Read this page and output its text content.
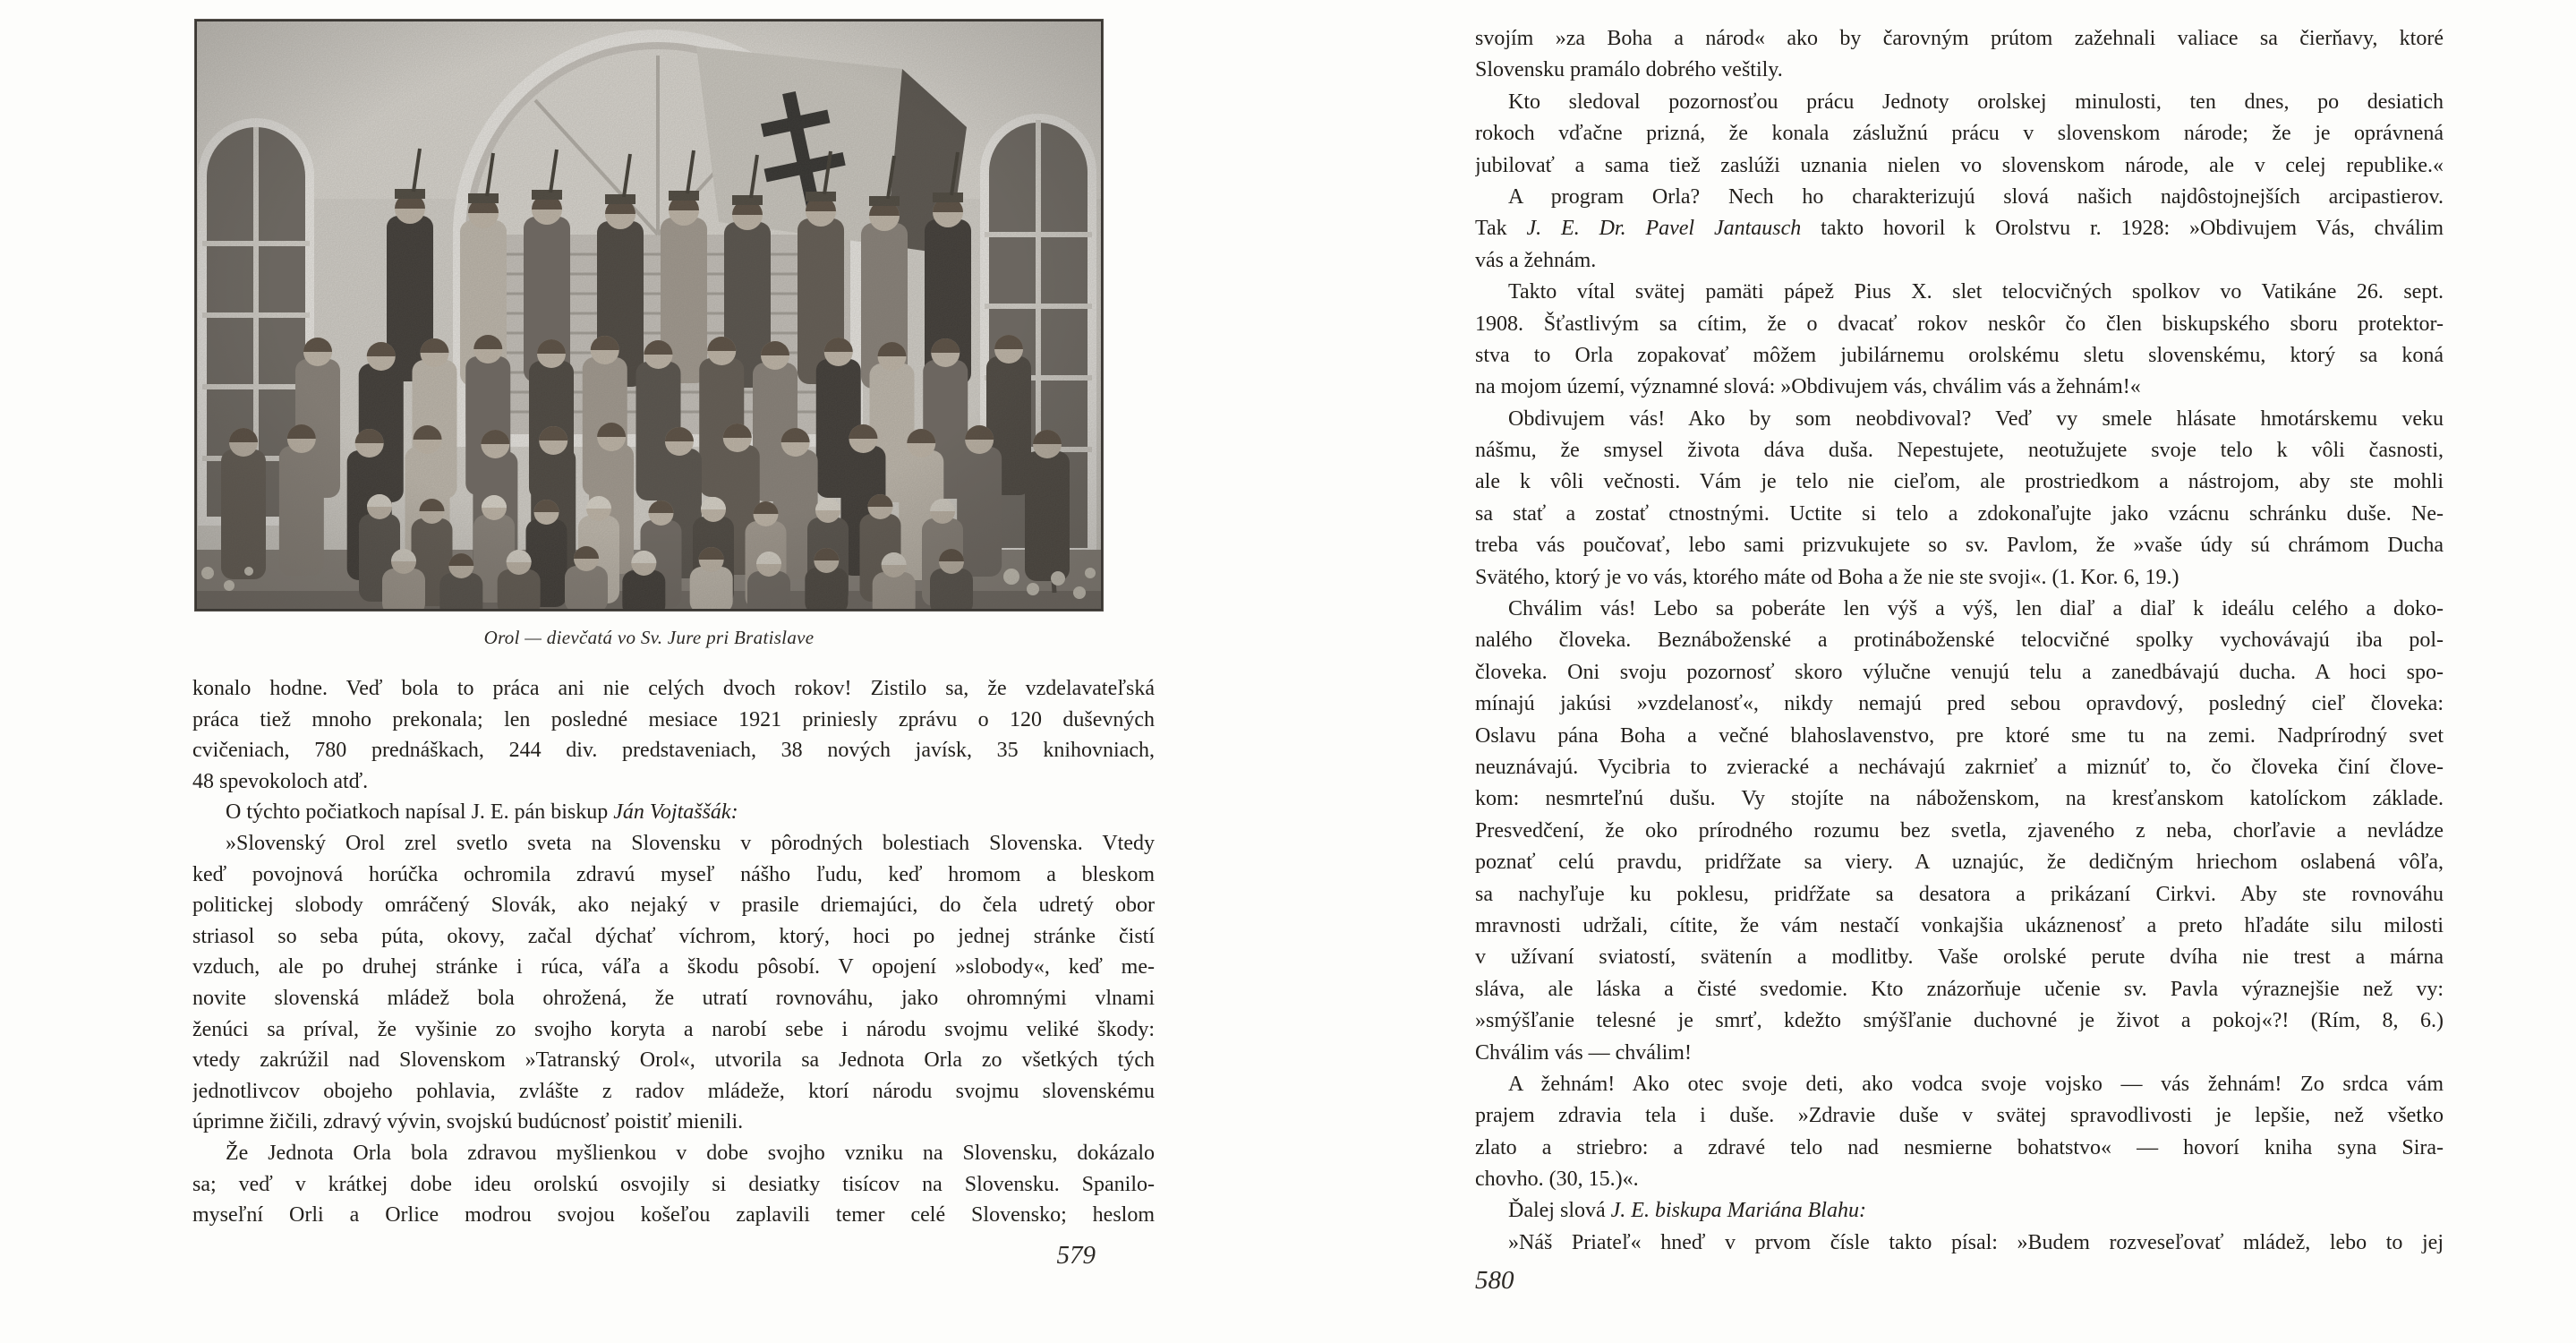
Orol — dievčatá vo Sv. Jure pri Bratislave
konalo hodne. Veď bola to práca ani nie celých dvoch rokov! Zistilo sa, že vzdelavateľská
práca tiež mnoho prekonala; len posledné mesiace 1921 priniesly zprávu o 120 duševných
cvičeniach, 780 prednáškach, 244 div. predstaveniach, 38 nových javísk, 35 knihovniach,
48 spevokoloch atď.
O týchto počiatkoch napísal J. E. pán biskup Ján Vojtaššák:
»Slovenský Orol zrel svetlo sveta na Slovensku v pôrodných bolestiach Slovenska. Vtedy
keď povojnová horúčka ochromila zdravú myseľ nášho ľudu, keď hromom a bleskom
politickej slobody omráčený Slovák, ako nejaký v prasile driemajúci, do čela udretý obor
striasol so seba púta, okovy, začal dýchať víchrom, ktorý, hoci po jednej stránke čistí
vzduch, ale po druhej stránke i rúca, váľa a škodu pôsobí. V opojení »slobody«, keď me-
novite slovenská mládež bola ohrožená, že utratí rovnováhu, jako ohromnými vlnami
ženúci sa príval, že vyšinie zo svojho koryta a narobí sebe i národu svojmu veliké škody:
vtedy zakrúžil nad Slovenskom »Tatranský Orol«, utvorila sa Jednota Orla zo všetkých tých
jednotlivcov obojeho pohlavia, zvlášte z radov mládeže, ktorí národu svojmu slovenskému
úprimne žičili, zdravý vývin, svojskú budúcnosť poistiť mienili.
Že Jednota Orla bola zdravou myšlienkou v dobe svojho vzniku na Slovensku, dokázalo
sa; veď v krátkej dobe ideu orolskú osvojily si desiatky tisícov na Slovensku. Spanilo-
myseľní Orli a Orlice modrou svojou košeľou zaplavili temer celé Slovensko; heslom
579
svojím »za Boha a národ« ako by čarovným prútom zažehnali valiace sa čierňavy, ktoré
Slovensku pramálo dobrého veštily.
Kto sledoval pozornosťou prácu Jednoty orolskej minulosti, ten dnes, po desiatich
rokoch vďačne prizná, že konala záslužnú prácu v slovenskom národe; že je oprávnená
jubilovať a sama tiež zaslúži uznania nielen vo slovenskom národe, ale v celej republike.«
A program Orla? Nech ho charakterizujú slová našich najdôstojnejších arcipastierov.
Tak J. E. Dr. Pavel Jantausch takto hovoril k Orolstvu r. 1928: »Obdivujem Vás, chválim
vás a žehnám.
Takto vítal svätej pamäti pápež Pius X. slet telocvičných spolkov vo Vatikáne 26. sept.
1908. Šťastlivým sa cítim, že o dvacať rokov neskôr čo člen biskupského sboru protektor-
stva to Orla zopakovať môžem jubilárnemu orolskému sletu slovenskému, ktorý sa koná
na mojom území, významné slová: »Obdivujem vás, chválim vás a žehnám!«
Obdivujem vás! Ako by som neobdivoval? Veď vy smele hlásate hmotárskemu veku
nášmu, že smysel života dáva duša. Nepestujete, neotužujete svoje telo k vôli časnosti,
ale k vôli večnosti. Vám je telo nie cieľom, ale prostriedkom a nástrojom, aby ste mohli
sa stať a zostať ctnostnými. Uctite si telo a zdokonaľujte jako vzácnu schránku duše. Ne-
treba vás poučovať, lebo sami prizvukujete so sv. Pavlom, že »vaše údy sú chrámom Ducha
Svätého, ktorý je vo vás, ktorého máte od Boha a že nie ste svoji«. (1. Kor. 6, 19.)
Chválim vás! Lebo sa poberáte len výš a výš, len diaľ a diaľ k ideálu celého a doko-
nalého človeka. Beznáboženské a protináboženské telocvičné spolky vychovávajú iba pol-
človeka. Oni svoju pozornosť skoro výlučne venujú telu a zanedbávajú ducha. A hoci spo-
mínajú jakúsi »vzdelanosť«, nikdy nemajú pred sebou opravdový, posledný cieľ človeka:
Oslavu pána Boha a večné blahoslavenstvo, pre ktoré sme tu na zemi. Nadprírodný svet
neuznávajú. Vycibria to zvieracké a nechávajú zakrnieť a miznúť to, čo človeka činí člove-
kom: nesmrteľnú dušu. Vy stojíte na náboženskom, na kresťanskom katolíckom základe.
Presvedčení, že oko prírodného rozumu bez svetla, zjaveného z neba, chorľavie a nevládze
poznať celú pravdu, pridŕžate sa viery. A uznajúc, že dedičným hriechom oslabená vôľa,
sa nachyľuje ku poklesu, pridŕžate sa desatora a prikázaní Cirkvi. Aby ste rovnováhu
mravnosti udržali, cítite, že vám nestačí vonkajšia ukáznenosť a preto hľadáte silu milosti
v užívaní sviatostí, svätenín a modlitby. Vaše orolské perute dvíha nie trest a márna
sláva, ale láska a čisté svedomie. Kto znázorňuje učenie sv. Pavla výraznejšie než vy:
»smýšľanie telesné je smrť, kdežto smýšľanie duchovné je život a pokoj«?! (Rím, 8, 6.)
Chválim vás — chválim!
A žehnám! Ako otec svoje deti, ako vodca svoje vojsko — vás žehnám! Zo srdca vám
prajem zdravia tela i duše. »Zdravie duše v svätej spravodlivosti je lepšie, než všetko
zlato a striebro: a zdravé telo nad nesmierne bohatstvo« — hovorí kniha syna Sira-
chovho. (30, 15.)«.
Ďalej slová J. E. biskupa Mariána Blahu:
»Náš Priateľ« hneď v prvom čísle takto písal: »Budem rozveseľovať mládež, lebo to jej
580
